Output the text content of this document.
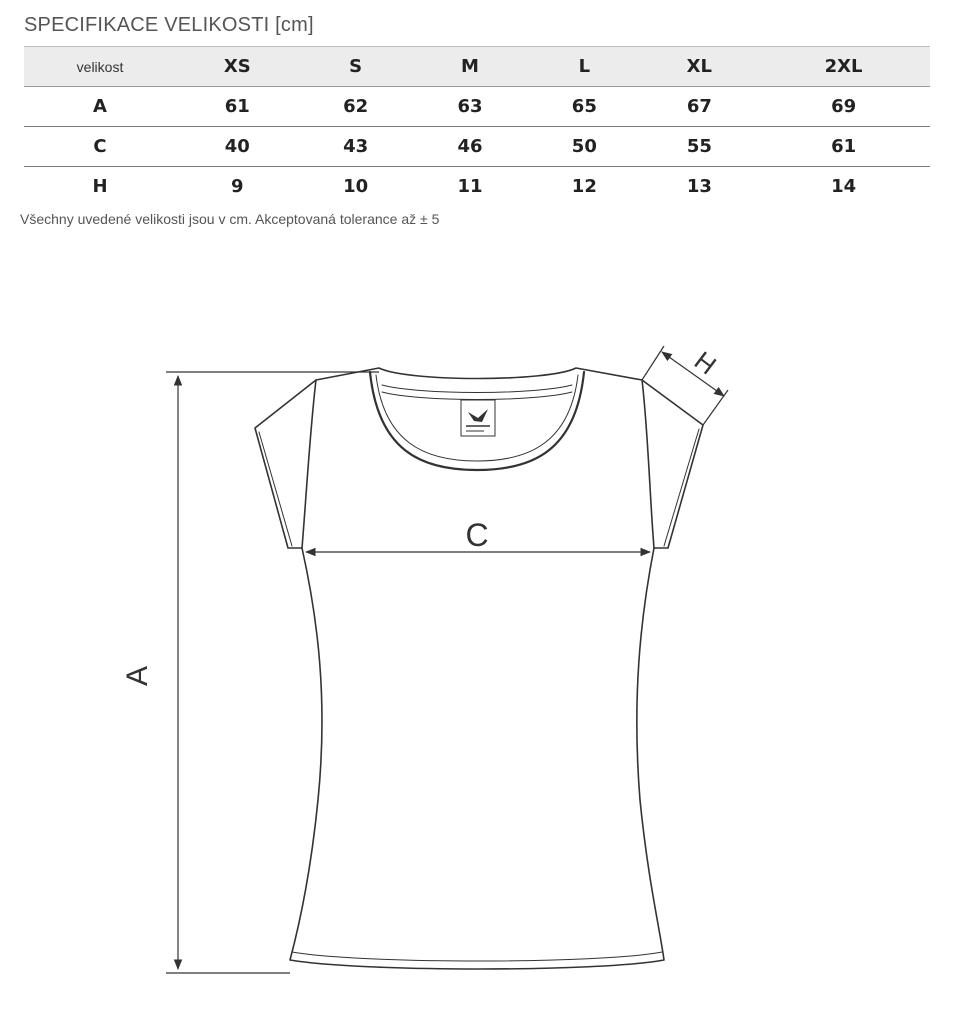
SPECIFIKACE VELIKOSTI [cm]
velikost	XS	S	M	L	XL	2XL
A	61	62	63	65	67	69
C	40	43	46	50	55	61
H	9	10	11	12	13	14
Všechny uvedené velikosti jsou v cm. Akceptovaná tolerance až ± 5
A
C
H
